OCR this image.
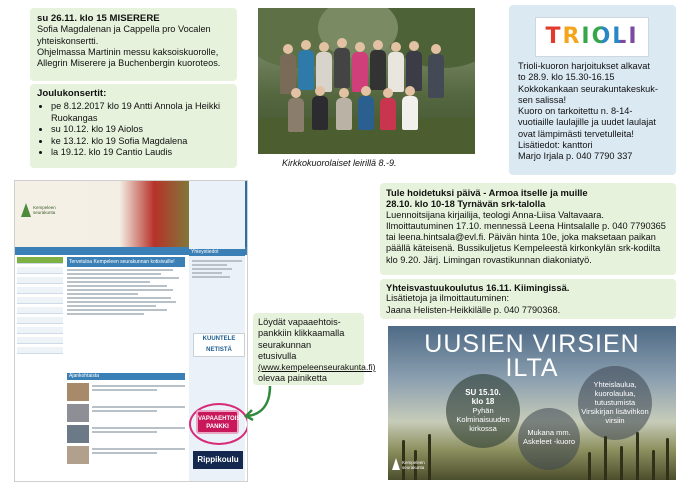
su 26.11. klo 15 MISERERE

Sofia Magdalenan ja Cappella pro Vocalen

yhteiskonsertti.

Ohjelmassa Martinin messu kaksoiskuorolle,

Allegrin Miserere ja Buchenbergin kuoroteos.

Joulukonsertit:

• pe 8.12.2017 klo 19 Antti Annola ja Heikki Ruokangas
• su 10.12. klo 19 Aiolos
• ke 13.12. klo 19 Sofia Magdalena
• la 19.12. klo 19 Cantio Laudis
Kirkkokuorolaiset leirillä 8.-9.
TRIOLI

Trioli-kuoron harjoitukset alkavat

to 28.9. klo 15.30-16.15

Kokkokankaan seurakuntakeskuk-

sen salissa!

Kuoro on tarkoitettu n. 8-14-

vuotiaille laulajille ja uudet laulajat

ovat lämpimästi tervetulleita!

Lisätiedot: kanttori

Marjo Irjala p. 040 7790 337

Kempeleen seurakunta
Tervetuloa Kempeleen seurakunnan kotisivuille!
Ajankohtaista
Yhteystiedot
KUUNTELE NETISTÄ
VAPAAEHTOIS-PANKKI
Rippikoulu

Löydät vapaaehtois-

pankkiin klikkaamalla

seurakunnan

etusivulla

(www.kempeleenseurakunta.fi)

olevaa painiketta

Tule hoidetuksi päivä - Armoa itselle ja muille

28.10. klo 10-18 Tyrnävän srk-talolla

Luennoitsijana kirjailija, teologi Anna-Liisa Valtavaara.

Ilmoittautuminen 17.10. mennessä Leena Hintsalalle p. 040 7790365

tai leena.hintsala@evl.fi. Päivän hinta 10e, joka maksetaan paikan

päällä käteisenä. Bussikuljetus Kempeleestä kirkonkylän srk-kodilta

klo 9.20. Järj. Limingan rovastikunnan diakoniatyö.

Yhteisvastuukoulutus 16.11. Kiimingissä.

Lisätietoja ja ilmoittautuminen:

Jaana Helisten-Heikkilälle p. 040 7790368.

UUSIEN VIRSIEN
ILTA
SU 15.10.
klo 18
Pyhän Kolminaisuuden
kirkossa
Yhteislaulua,
kuorolaulua,
tutustumista
Virsikirjan lisävihkon
virsiin
Mukana mm.
Askeleet -kuoro
Kempeleen seurakunta
